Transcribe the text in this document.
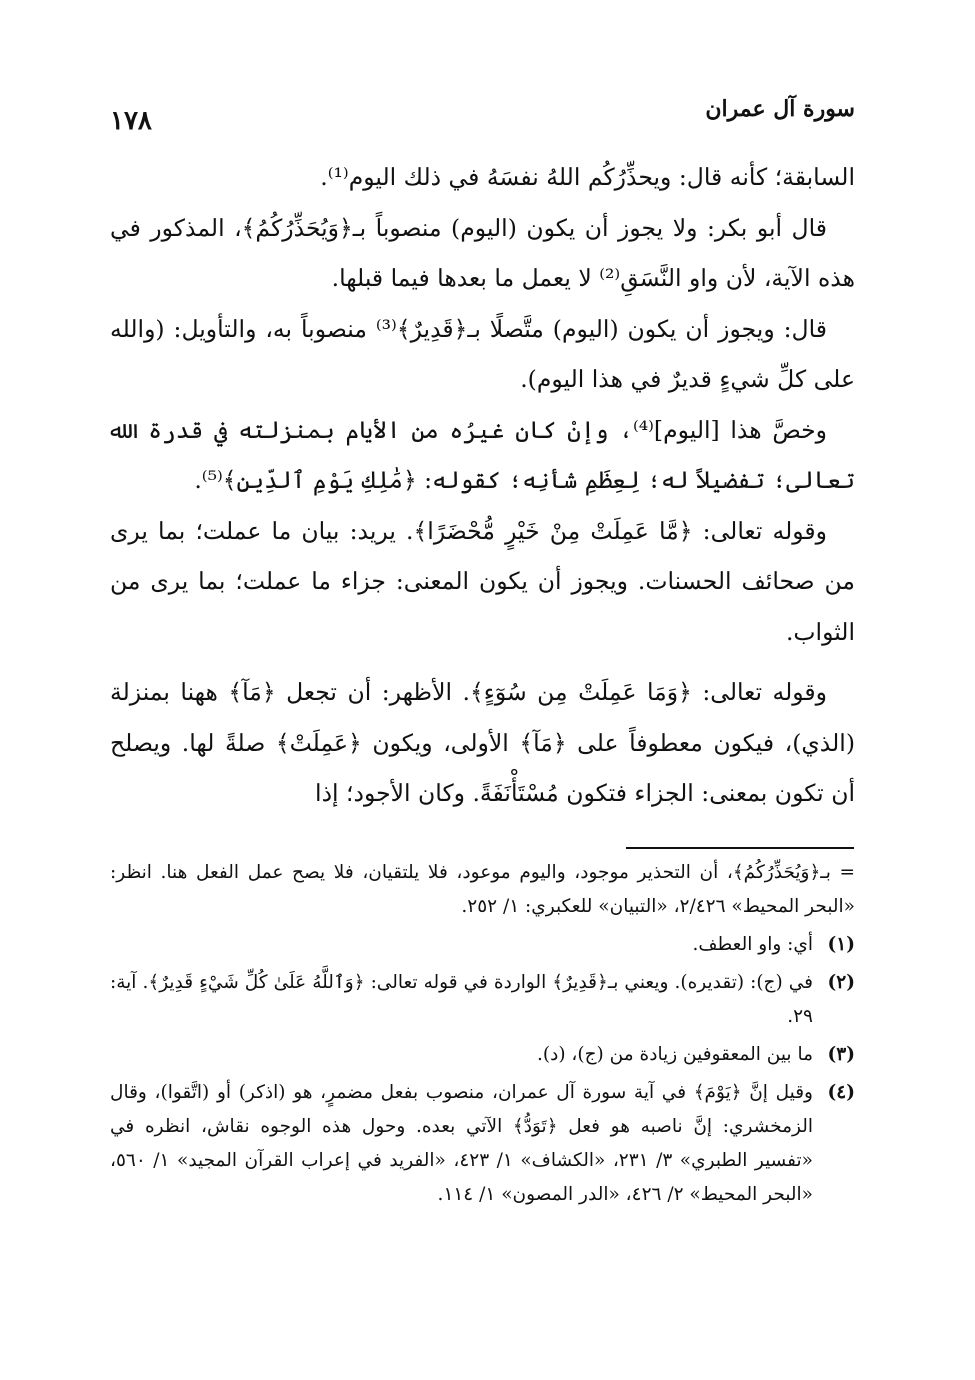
١٧٨	سورة آل عمران

السابقة؛ كأنه قال: ويحذِّرُكُم اللهُ نفسَهُ في ذلك اليوم⁽¹⁾.

قال أبو بكر: ولا يجوز أن يكون (اليوم) منصوباً بـ﴿وَيُحَذِّرُكُمُ﴾، المذكور في هذه الآية، لأن واو النَّسَقِ⁽²⁾ لا يعمل ما بعدها فيما قبلها.

قال: ويجوز أن يكون (اليوم) متَّصلًا بـ﴿قَدِيرٌ﴾⁽³⁾ منصوباً به، والتأويل: (والله على كلِّ شيءٍ قديرٌ في هذا اليوم).

وخصَّ هذا [اليوم]⁽⁴⁾، وإنْ كان غيرُه من الأيام بمنزلته في قدرة الله تعالى؛ تفضيلاً له؛ لِعِظَمِ شأنِه؛ كقوله: ﴿مَٰلِكِ يَوْمِ ٱلدِّينِ﴾⁽⁵⁾.

وقوله تعالى: ﴿مَّا عَمِلَتْ مِنْ خَيْرٍ مُّحْضَرًا﴾. يريد: بيان ما عملت؛ بما يرى من صحائف الحسنات. ويجوز أن يكون المعنى: جزاء ما عملت؛ بما يرى من الثواب.

وقوله تعالى: ﴿وَمَا عَمِلَتْ مِن سُوٓءٍ﴾. الأظهر: أن تجعل ﴿مَآ﴾ ههنا بمنزلة (الذي)، فيكون معطوفاً على ﴿مَآ﴾ الأولى، ويكون ﴿عَمِلَتْ﴾ صلةً لها. ويصلح أن تكون بمعنى: الجزاء فتكون مُسْتَأْنَفَةً. وكان الأجود؛ إذا

= بـ﴿وَيُحَذِّرُكُمُ﴾، أن التحذير موجود، واليوم موعود، فلا يلتقيان، فلا يصح عمل الفعل هنا. انظر: «البحر المحيط» ٢/٤٢٦، «التبيان» للعكبري: ١/ ٢٥٢.

(١)
أي: واو العطف.

(٢)
في (ج): (تقديره). ويعني بـ﴿قَدِيرٌ﴾ الواردة في قوله تعالى: ﴿وَٱللَّهُ عَلَىٰ كُلِّ شَيْءٍ قَدِيرٌ﴾. آية: ٢٩.

(٣)
ما بين المعقوفين زيادة من (ج)، (د).

(٤)
وقيل إنَّ ﴿يَوْمَ﴾ في آية سورة آل عمران، منصوب بفعل مضمرٍ، هو (اذكر) أو (اتَّقوا)، وقال الزمخشري: إنَّ ناصبه هو فعل ﴿تَوَدُّ﴾ الآتي بعده. وحول هذه الوجوه نقاش، انظره في «تفسير الطبري» ٣/ ٢٣١، «الكشاف» ١/ ٤٢٣، «الفريد في إعراب القرآن المجيد» ١/ ٥٦٠، «البحر المحيط» ٢/ ٤٢٦، «الدر المصون» ١/ ١١٤.
